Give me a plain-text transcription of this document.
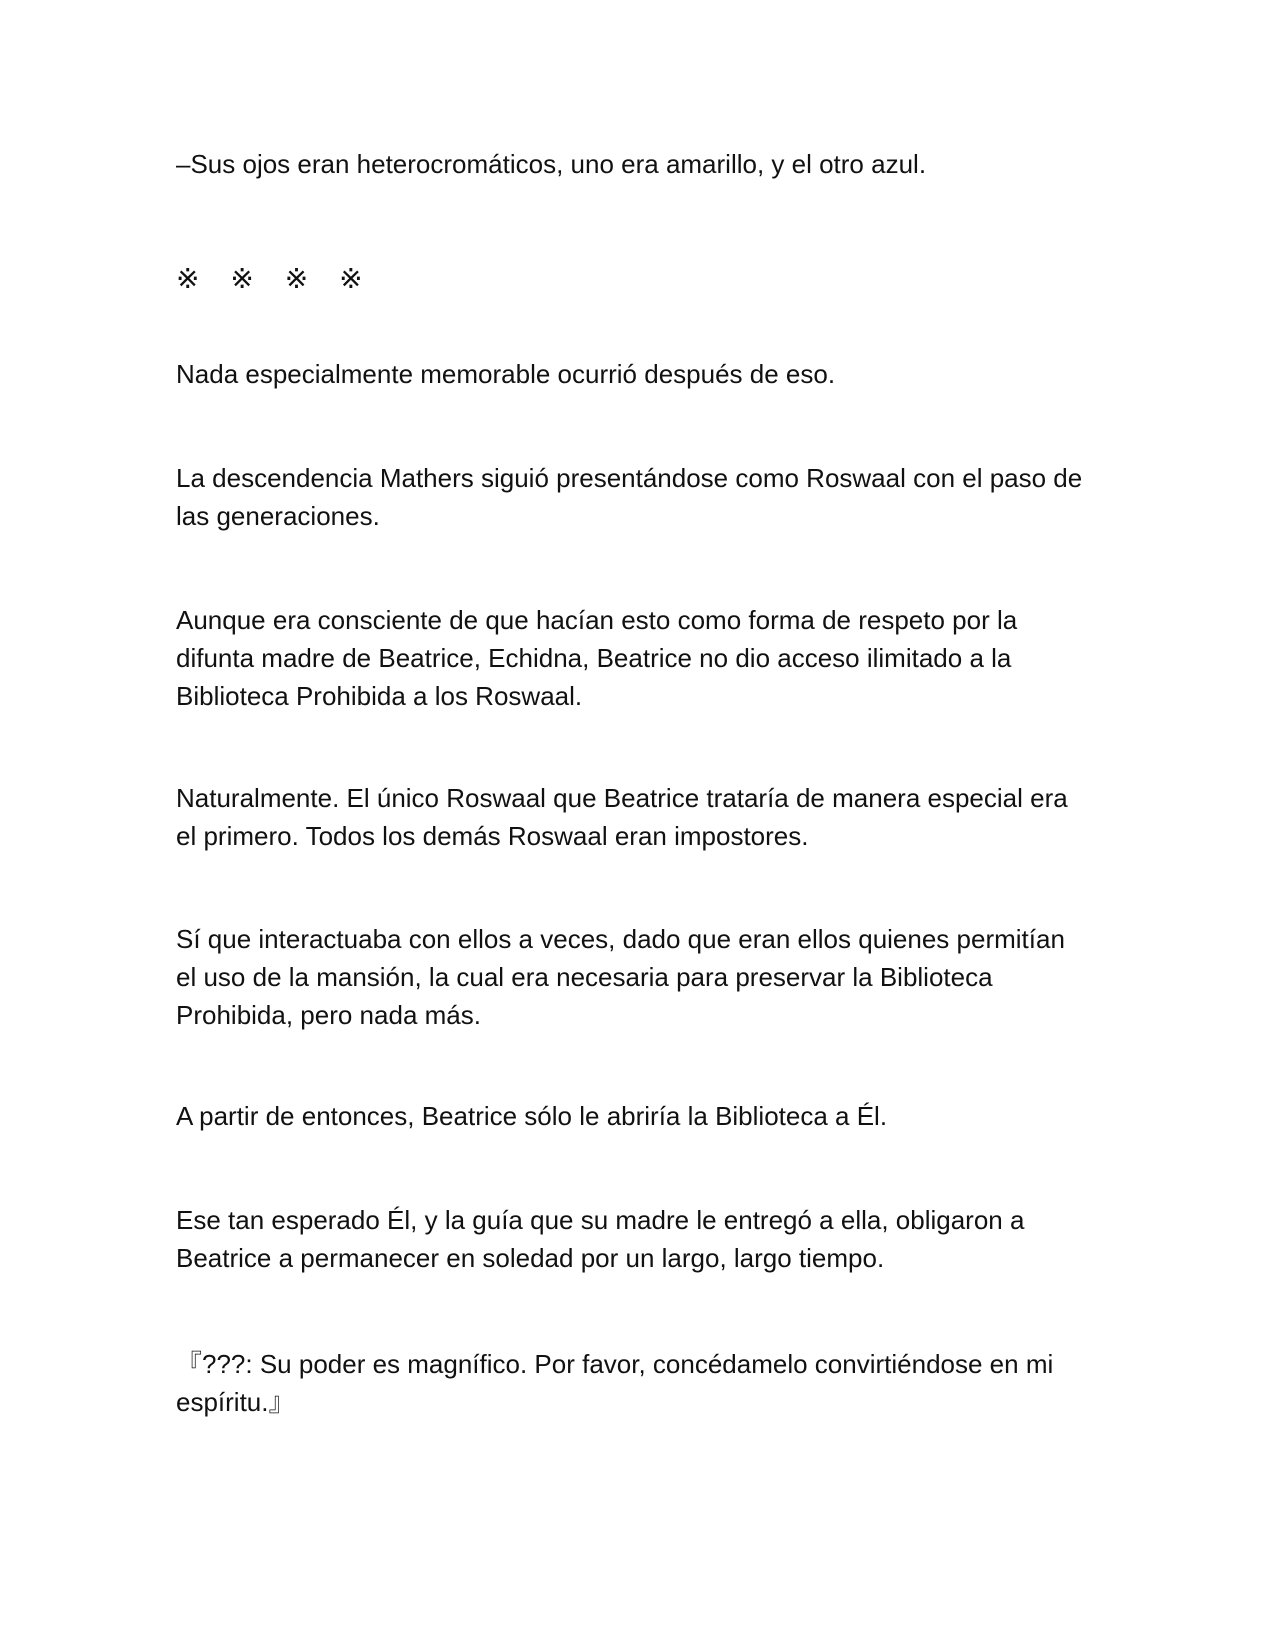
–Sus ojos eran heterocromáticos, uno era amarillo, y el otro azul.

※ ※ ※ ※

Nada especialmente memorable ocurrió después de eso.

La descendencia Mathers siguió presentándose como Roswaal con el paso de
las generaciones.

Aunque era consciente de que hacían esto como forma de respeto por la
difunta madre de Beatrice, Echidna, Beatrice no dio acceso ilimitado a la
Biblioteca Prohibida a los Roswaal.

Naturalmente. El único Roswaal que Beatrice trataría de manera especial era
el primero. Todos los demás Roswaal eran impostores.

Sí que interactuaba con ellos a veces, dado que eran ellos quienes permitían
el uso de la mansión, la cual era necesaria para preservar la Biblioteca
Prohibida, pero nada más.

A partir de entonces, Beatrice sólo le abriría la Biblioteca a Él.

Ese tan esperado Él, y la guía que su madre le entregó a ella, obligaron a
Beatrice a permanecer en soledad por un largo, largo tiempo.

『???: Su poder es magnífico. Por favor, concédamelo convirtiéndose en mi
espíritu.』
